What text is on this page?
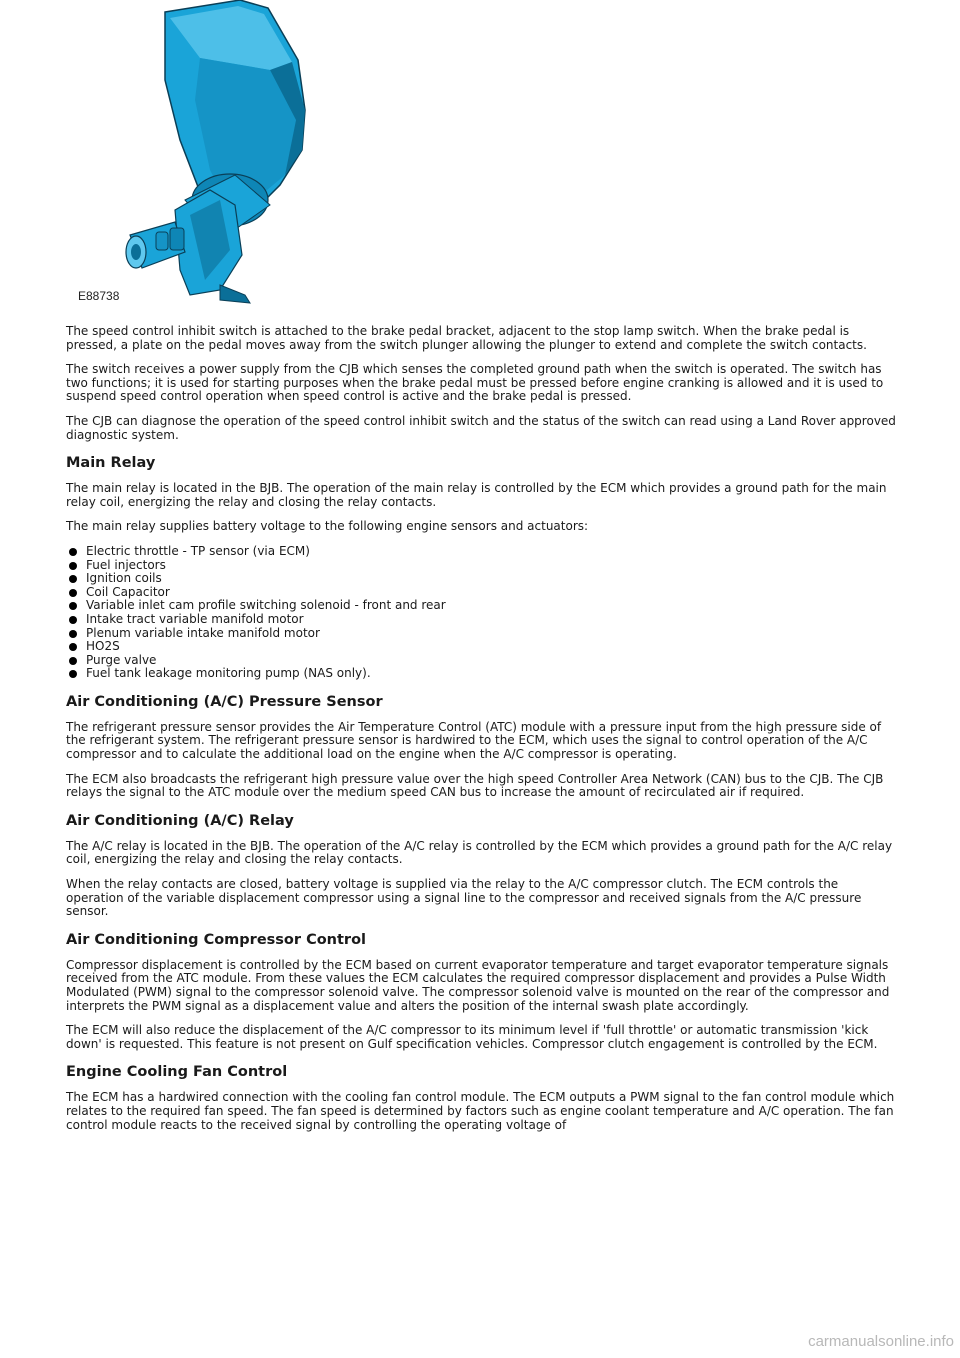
E88738

The speed control inhibit switch is attached to the brake pedal bracket, adjacent to the stop lamp switch. When the brake pedal is pressed, a plate on the pedal moves away from the switch plunger allowing the plunger to extend and complete the switch contacts.

The switch receives a power supply from the CJB which senses the completed ground path when the switch is operated. The switch has two functions; it is used for starting purposes when the brake pedal must be pressed before engine cranking is allowed and it is used to suspend speed control operation when speed control is active and the brake pedal is pressed.

The CJB can diagnose the operation of the speed control inhibit switch and the status of the switch can read using a Land Rover approved diagnostic system.

Main Relay

The main relay is located in the BJB. The operation of the main relay is controlled by the ECM which provides a ground path for the main relay coil, energizing the relay and closing the relay contacts.

The main relay supplies battery voltage to the following engine sensors and actuators:

Electric throttle - TP sensor (via ECM)
Fuel injectors
Ignition coils
Coil Capacitor
Variable inlet cam profile switching solenoid - front and rear
Intake tract variable manifold motor
Plenum variable intake manifold motor
HO2S
Purge valve
Fuel tank leakage monitoring pump (NAS only).
Air Conditioning (A/C) Pressure Sensor

The refrigerant pressure sensor provides the Air Temperature Control (ATC) module with a pressure input from the high pressure side of the refrigerant system. The refrigerant pressure sensor is hardwired to the ECM, which uses the signal to control operation of the A/C compressor and to calculate the additional load on the engine when the A/C compressor is operating.

The ECM also broadcasts the refrigerant high pressure value over the high speed Controller Area Network (CAN) bus to the CJB. The CJB relays the signal to the ATC module over the medium speed CAN bus to increase the amount of recirculated air if required.

Air Conditioning (A/C) Relay

The A/C relay is located in the BJB. The operation of the A/C relay is controlled by the ECM which provides a ground path for the A/C relay coil, energizing the relay and closing the relay contacts.

When the relay contacts are closed, battery voltage is supplied via the relay to the A/C compressor clutch. The ECM controls the operation of the variable displacement compressor using a signal line to the compressor and received signals from the A/C pressure sensor.

Air Conditioning Compressor Control

Compressor displacement is controlled by the ECM based on current evaporator temperature and target evaporator temperature signals received from the ATC module. From these values the ECM calculates the required compressor displacement and provides a Pulse Width Modulated (PWM) signal to the compressor solenoid valve. The compressor solenoid valve is mounted on the rear of the compressor and interprets the PWM signal as a displacement value and alters the position of the internal swash plate accordingly.

The ECM will also reduce the displacement of the A/C compressor to its minimum level if 'full throttle' or automatic transmission 'kick down' is requested. This feature is not present on Gulf specification vehicles. Compressor clutch engagement is controlled by the ECM.

Engine Cooling Fan Control

The ECM has a hardwired connection with the cooling fan control module. The ECM outputs a PWM signal to the fan control module which relates to the required fan speed. The fan speed is determined by factors such as engine coolant temperature and A/C operation. The fan control module reacts to the received signal by controlling the operating voltage of

carmanualsonline.info
